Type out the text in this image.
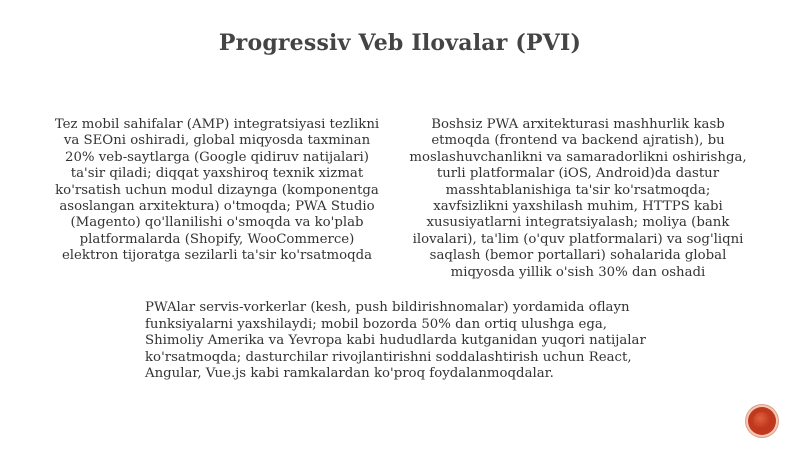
Progressiv Veb Ilovalar (PVI)
Tez mobil sahifalar (AMP) integratsiyasi tezlikni va SEOni oshiradi, global miqyosda taxminan 20% veb-saytlarga (Google qidiruv natijalari) ta'sir qiladi; diqqat yaxshiroq texnik xizmat ko'rsatish uchun modul dizaynga (komponentga asoslangan arxitektura) o'tmoqda; PWA Studio (Magento) qo'llanilishi o'smoqda va ko'plab platformalarda (Shopify, WooCommerce) elektron tijoratga sezilarli ta'sir ko'rsatmoqda
Boshsiz PWA arxitekturasi mashhurlik kasb etmoqda (frontend va backend ajratish), bu moslashuvchanlikni va samaradorlikni oshirishga, turli platformalar (iOS, Android)da dastur masshtablanishiga ta'sir ko'rsatmoqda; xavfsizlikni yaxshilash muhim, HTTPS kabi xususiyatlarni integratsiyalash; moliya (bank ilovalari), ta'lim (o'quv platformalari) va sog'liqni saqlash (bemor portallari) sohalarida global miqyosda yillik o'sish 30% dan oshadi
PWAlar servis-vorkerlar (kesh, push bildirishnomalar) yordamida oflayn funksiyalarni yaxshilaydi; mobil bozorda 50% dan ortiq ulushga ega, Shimoliy Amerika va Yevropa kabi hududlarda kutganidan yuqori natijalar ko'rsatmoqda; dasturchilar rivojlantirishni soddalashtirish uchun React, Angular, Vue.js kabi ramkalardan ko'proq foydalanmoqdalar.
